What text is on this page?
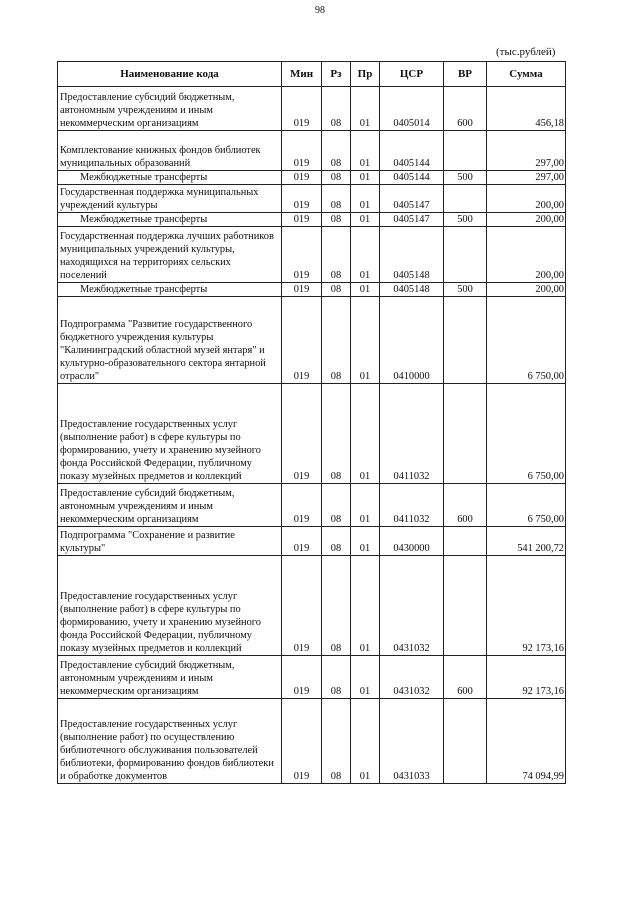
98
(тыс.рублей)
Наименование кода	Мин	Рз	Пр	ЦСР	ВР	Сумма
Предоставление субсидий бюджетным, автономным учреждениям и иным некоммерческим организациям	019	08	01	0405014	600	456,18
Комплектование книжных фондов библиотек муниципальных образований	019	08	01	0405144		297,00
Межбюджетные трансферты	019	08	01	0405144	500	297,00
Государственная поддержка муниципальных учреждений культуры	019	08	01	0405147		200,00
Межбюджетные трансферты	019	08	01	0405147	500	200,00
Государственная поддержка лучших работников муниципальных учреждений культуры, находящихся на территориях сельских поселений	019	08	01	0405148		200,00
Межбюджетные трансферты	019	08	01	0405148	500	200,00
Подпрограмма "Развитие государственного бюджетного учреждения культуры "Калининградский областной музей янтаря" и культурно-образовательного сектора янтарной отрасли"	019	08	01	0410000		6 750,00
Предоставление государственных услуг (выполнение работ) в сфере культуры по формированию, учету и хранению музейного фонда Российской Федерации, публичному показу музейных предметов и коллекций	019	08	01	0411032		6 750,00
Предоставление субсидий бюджетным, автономным учреждениям и иным некоммерческим организациям	019	08	01	0411032	600	6 750,00
Подпрограмма "Сохранение и развитие культуры"	019	08	01	0430000		541 200,72
Предоставление государственных услуг (выполнение работ) в сфере культуры по формированию, учету и хранению музейного фонда Российской Федерации, публичному показу музейных предметов и коллекций	019	08	01	0431032		92 173,16
Предоставление субсидий бюджетным, автономным учреждениям и иным некоммерческим организациям	019	08	01	0431032	600	92 173,16
Предоставление государственных услуг (выполнение работ) по осуществлению библиотечного обслуживания пользователей библиотеки, формированию фондов библиотеки и обработке документов	019	08	01	0431033		74 094,99
